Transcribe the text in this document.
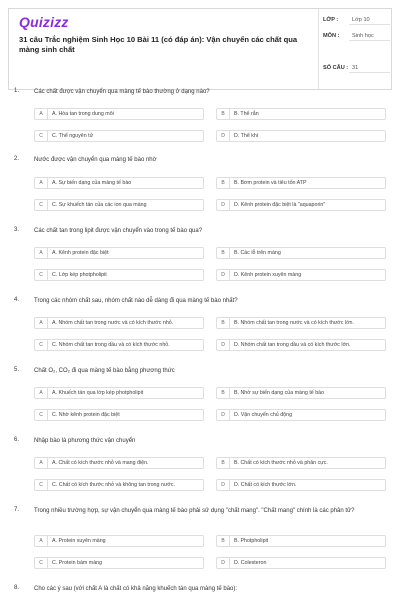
Quizizz
31 câu Trắc nghiệm Sinh Học 10 Bài 11 (có đáp án): Vận chuyển các chất qua màng sinh chất
LỚP :	Lớp 10
MÔN :	Sinh học
SỐ CÂU : 31
1. Các chất được vận chuyển qua màng tế bào thường ở dạng nào?
A	A. Hòa tan trong dung môi	B	B. Thể rắn
C	C. Thể nguyên tử	D	D. Thể khí
2. Nước được vận chuyển qua màng tế bào nhờ
A	A. Sự biến dạng của màng tế bào	B	B. Bơm protein và tiêu tốn ATP
C	C. Sự khuếch tán của các ion qua màng	D	D. Kênh protein đặc biệt là "aquaporin"
3. Các chất tan trong lipit được vận chuyển vào trong tế bào qua?
A	A. Kênh protein đặc biệt	B	B. Các lỗ trên màng
C	C. Lớp kép photpholipit	D	D. Kênh protein xuyên màng
4. Trong các nhóm chất sau, nhóm chất nào dễ dàng đi qua màng tế bào nhất?
A	A. Nhóm chất tan trong nước và có kích thước nhỏ.	B	B. Nhóm chất tan trong nước và có kích thước lớn.
C	C. Nhóm chất tan trong dầu và có kích thước nhỏ.	D	D. Nhóm chất tan trong dầu và có kích thước lớn.
5. Chất O₂, CO₂ đi qua màng tế bào bằng phương thức
A	A. Khuếch tán qua lớp kép photpholipit	B	B. Nhờ sự biến dạng của màng tế bào
C	C. Nhờ kênh protein đặc biệt	D	D. Vận chuyển chủ động
6. Nhập bào là phương thức vận chuyển
A	A. Chất có kích thước nhỏ và mang điện.	B	B. Chất có kích thước nhỏ và phân cực.
C	C. Chất có kích thước nhỏ và không tan trong nước.	D	D. Chất có kích thước lớn.
7. Trong nhiều trường hợp, sự vận chuyển qua màng tế bào phải sử dụng "chất mang". "Chất mang" chính là các phân tử?
A	A. Protein xuyên màng	B	B. Photpholipit
C	C. Protein bám màng	D	D. Colesteron
8. Cho các ý sau (với chất A là chất có khả năng khuếch tán qua màng tế bào):
